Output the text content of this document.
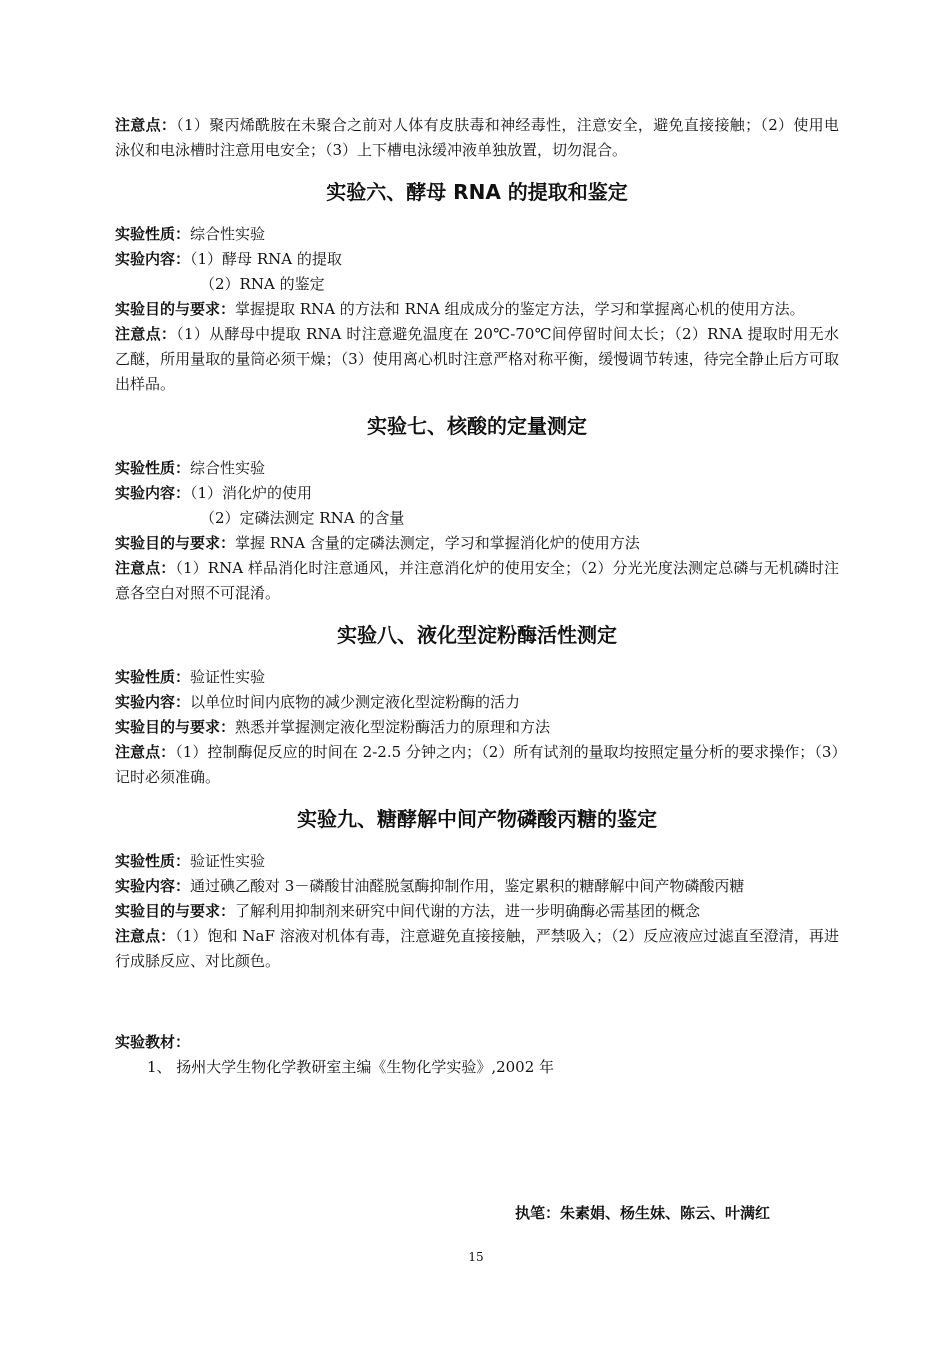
注意点：（1）聚丙烯酰胺在未聚合之前对人体有皮肤毒和神经毒性，注意安全，避免直接接触；（2）使用电泳仪和电泳槽时注意用电安全；（3）上下槽电泳缓冲液单独放置，切勿混合。

实验六、酵母 RNA 的提取和鉴定

实验性质：综合性实验

实验内容：（1）酵母 RNA 的提取

（2）RNA 的鉴定

实验目的与要求：掌握提取 RNA 的方法和 RNA 组成成分的鉴定方法，学习和掌握离心机的使用方法。

注意点：（1）从酵母中提取 RNA 时注意避免温度在 20℃-70℃间停留时间太长；（2）RNA 提取时用无水乙醚，所用量取的量筒必须干燥；（3）使用离心机时注意严格对称平衡，缓慢调节转速，待完全静止后方可取出样品。

实验七、核酸的定量测定

实验性质：综合性实验

实验内容：（1）消化炉的使用

（2）定磷法测定 RNA 的含量

实验目的与要求：掌握 RNA 含量的定磷法测定，学习和掌握消化炉的使用方法

注意点：（1）RNA 样品消化时注意通风，并注意消化炉的使用安全；（2）分光光度法测定总磷与无机磷时注意各空白对照不可混淆。

实验八、液化型淀粉酶活性测定

实验性质：验证性实验

实验内容：以单位时间内底物的减少测定液化型淀粉酶的活力

实验目的与要求：熟悉并掌握测定液化型淀粉酶活力的原理和方法

注意点：（1）控制酶促反应的时间在 2-2.5 分钟之内；（2）所有试剂的量取均按照定量分析的要求操作；（3）记时必须准确。

实验九、糖酵解中间产物磷酸丙糖的鉴定

实验性质：验证性实验

实验内容：通过碘乙酸对 3－磷酸甘油醛脱氢酶抑制作用，鉴定累积的糖酵解中间产物磷酸丙糖

实验目的与要求：了解利用抑制剂来研究中间代谢的方法，进一步明确酶必需基团的概念

注意点：（1）饱和 NaF 溶液对机体有毒，注意避免直接接触，严禁吸入；（2）反应液应过滤直至澄清，再进行成脎反应、对比颜色。

实验教材：
1、 扬州大学生物化学教研室主编《生物化学实验》,2002 年
执笔：朱素娟、杨生妹、陈云、叶满红
15
